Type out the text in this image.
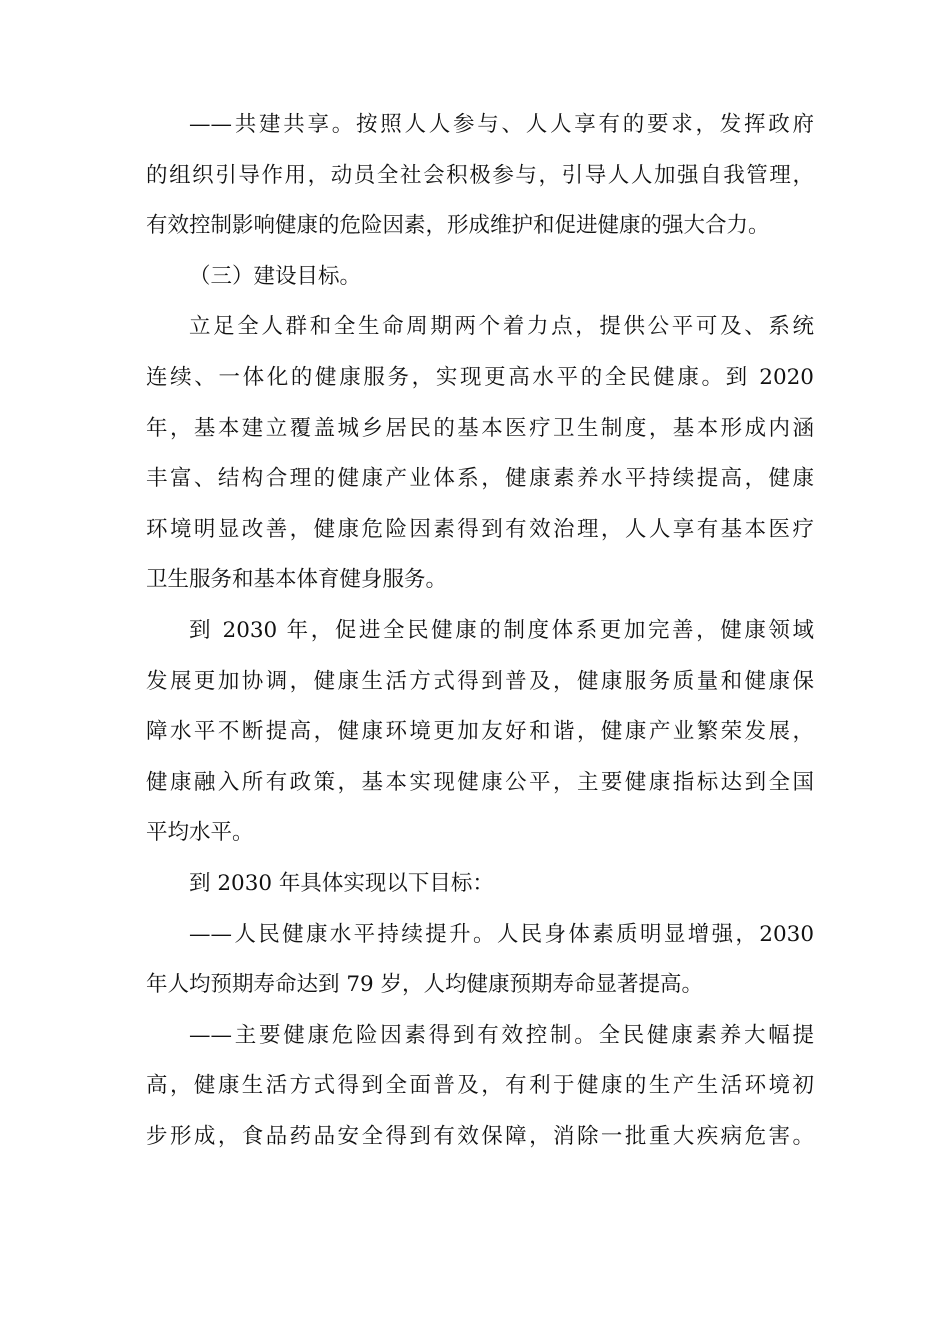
——共建共享。按照人人参与、人人享有的要求，发挥政府
的组织引导作用，动员全社会积极参与，引导人人加强自我管理，
有效控制影响健康的危险因素，形成维护和促进健康的强大合力。
（三）建设目标。
立足全人群和全生命周期两个着力点，提供公平可及、系统
连续、一体化的健康服务，实现更高水平的全民健康。到 2020
年，基本建立覆盖城乡居民的基本医疗卫生制度，基本形成内涵
丰富、结构合理的健康产业体系，健康素养水平持续提高，健康
环境明显改善，健康危险因素得到有效治理，人人享有基本医疗
卫生服务和基本体育健身服务。
到 2030 年，促进全民健康的制度体系更加完善，健康领域
发展更加协调，健康生活方式得到普及，健康服务质量和健康保
障水平不断提高，健康环境更加友好和谐，健康产业繁荣发展，
健康融入所有政策，基本实现健康公平，主要健康指标达到全国
平均水平。
到 2030 年具体实现以下目标：
——人民健康水平持续提升。人民身体素质明显增强，2030
年人均预期寿命达到 79 岁，人均健康预期寿命显著提高。
——主要健康危险因素得到有效控制。全民健康素养大幅提
高，健康生活方式得到全面普及，有利于健康的生产生活环境初
步形成，食品药品安全得到有效保障，消除一批重大疾病危害。
